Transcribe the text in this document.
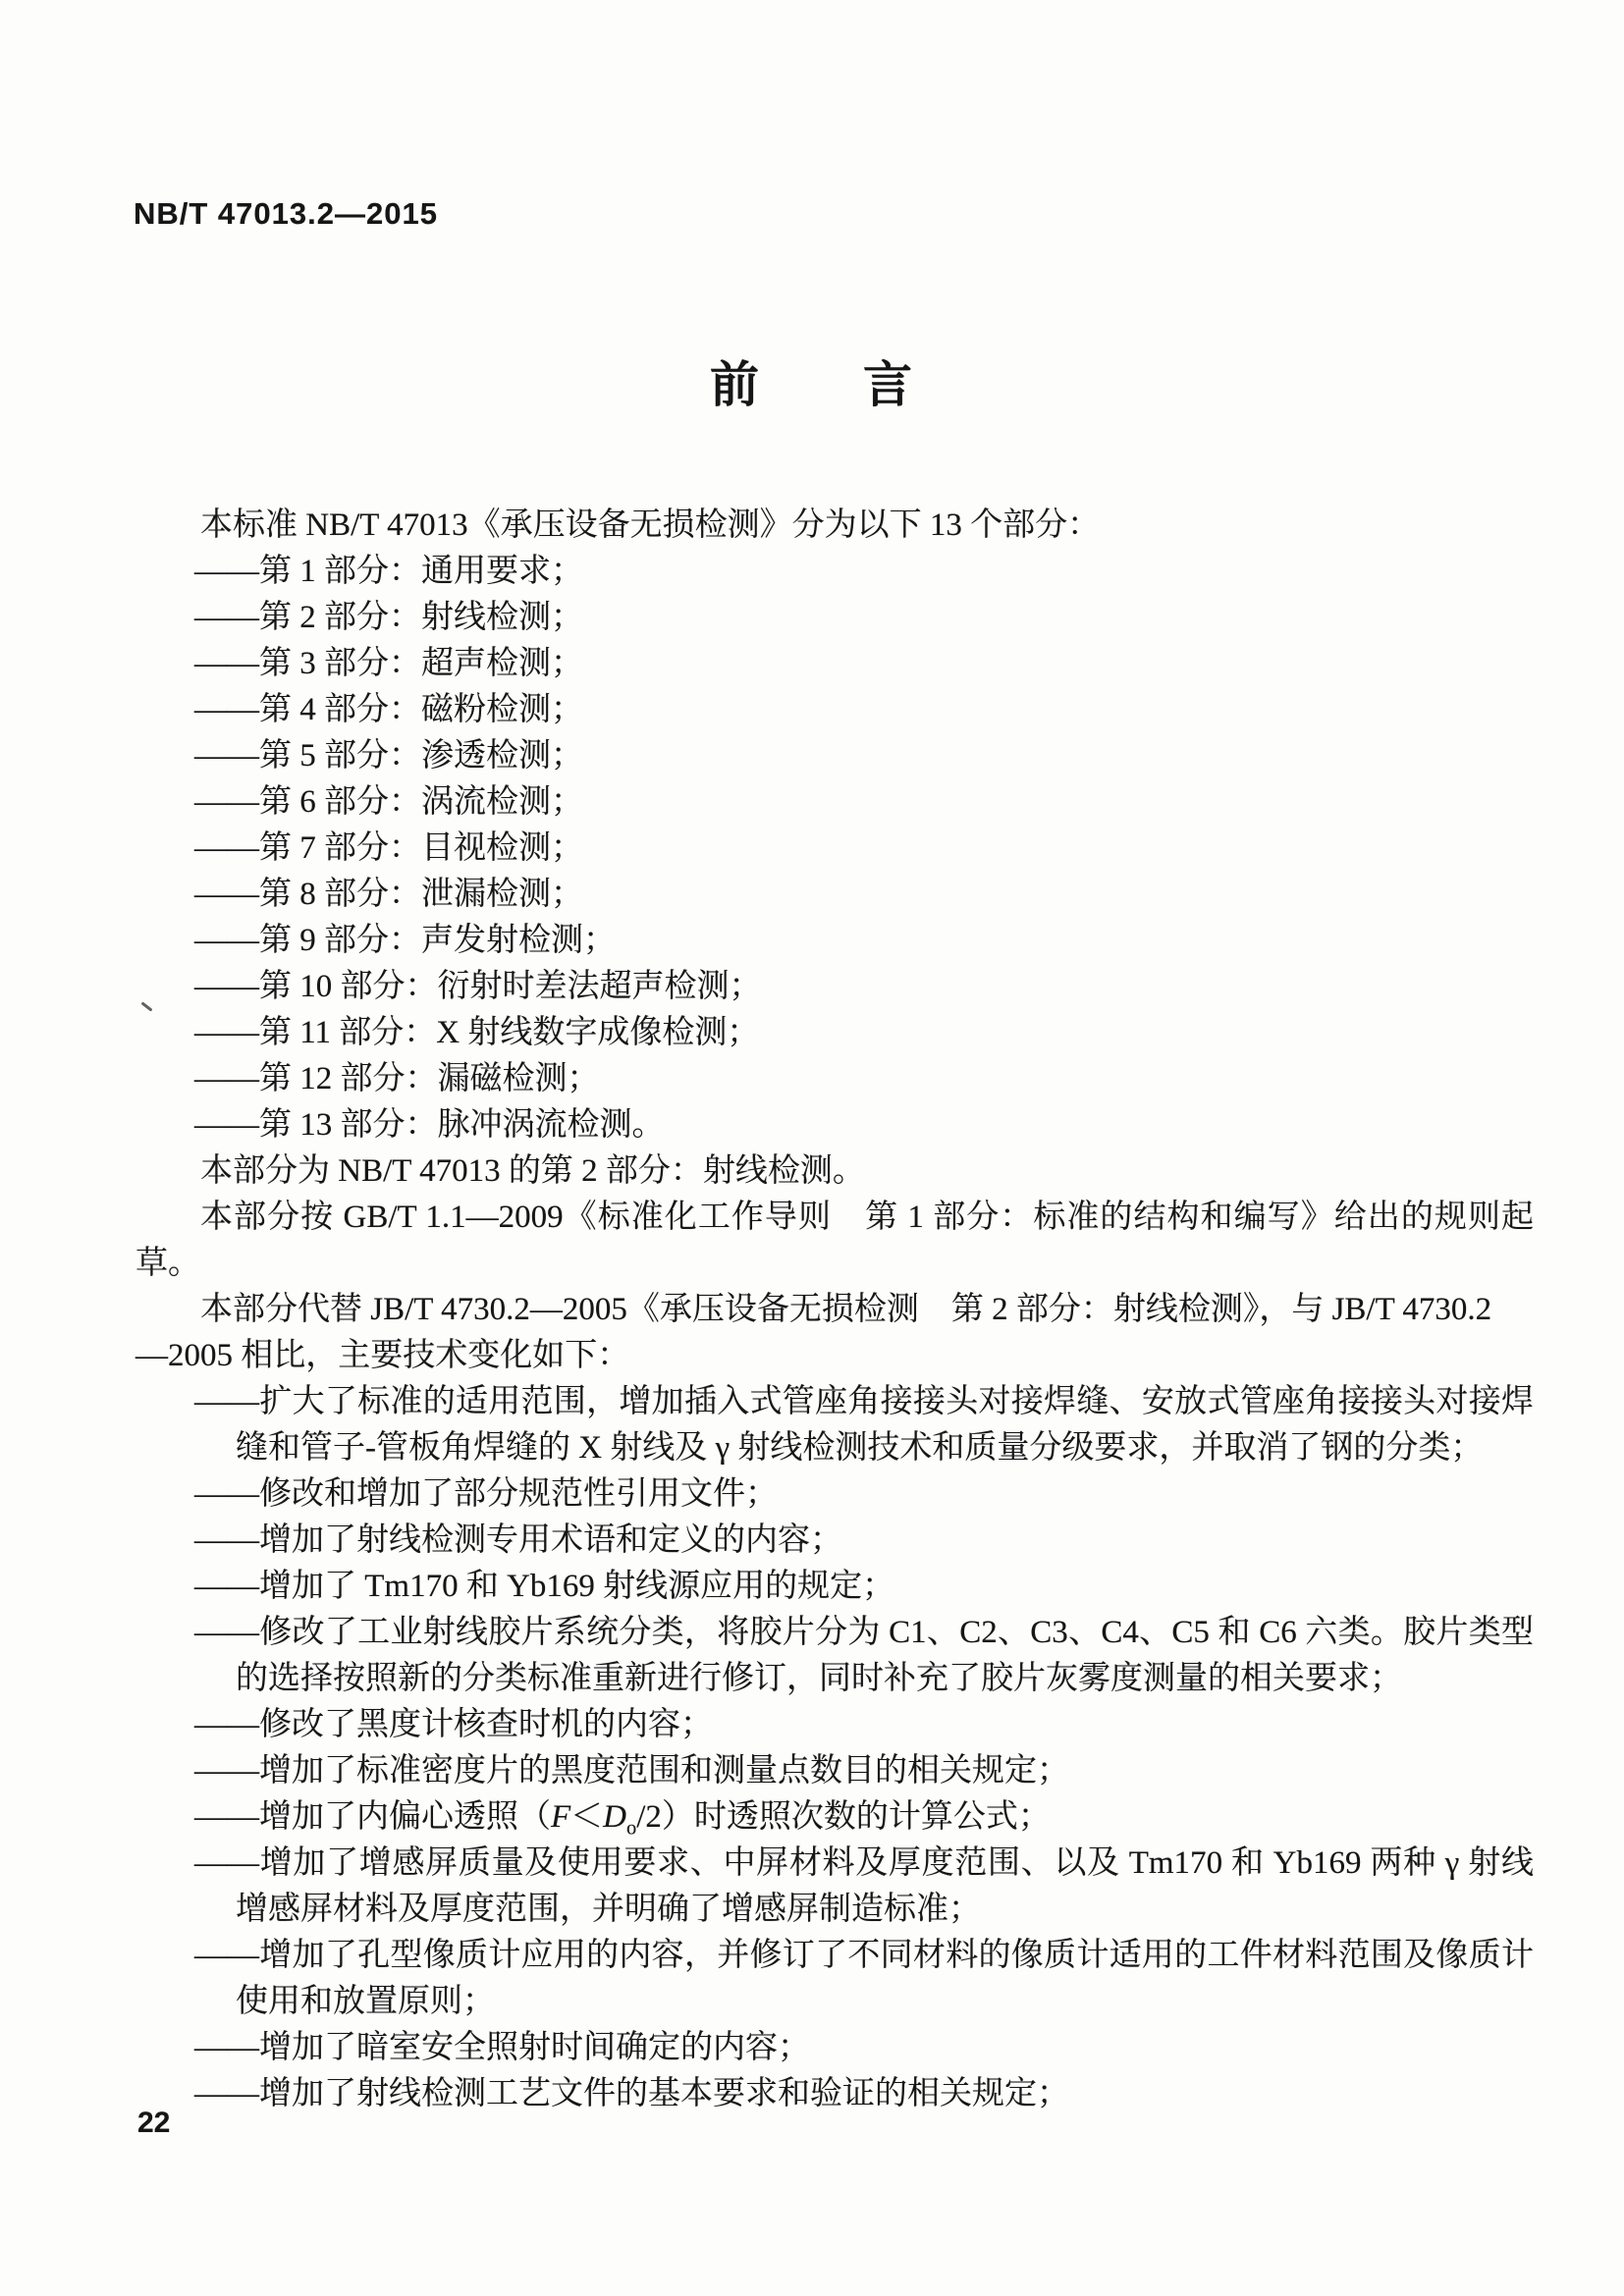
NB/T 47013.2—2015
前　　言

本标准 NB/T 47013《承压设备无损检测》分为以下 13 个部分：

——第 1 部分：通用要求；
——第 2 部分：射线检测；
——第 3 部分：超声检测；
——第 4 部分：磁粉检测；
——第 5 部分：渗透检测；
——第 6 部分：涡流检测；
——第 7 部分：目视检测；
——第 8 部分：泄漏检测；
——第 9 部分：声发射检测；
——第 10 部分：衍射时差法超声检测；
——第 11 部分：X 射线数字成像检测；
——第 12 部分：漏磁检测；
——第 13 部分：脉冲涡流检测。

本部分为 NB/T 47013 的第 2 部分：射线检测。

本部分按 GB/T 1.1—2009《标准化工作导则　第 1 部分：标准的结构和编写》给出的规则起草。

本部分代替 JB/T 4730.2—2005《承压设备无损检测　第 2 部分：射线检测》，与 JB/T 4730.2
—2005 相比，主要技术变化如下：

——扩大了标准的适用范围，增加插入式管座角接接头对接焊缝、安放式管座角接接头对接焊缝和管子-管板角焊缝的 X 射线及 γ 射线检测技术和质量分级要求，并取消了钢的分类；
——修改和增加了部分规范性引用文件；
——增加了射线检测专用术语和定义的内容；
——增加了 Tm170 和 Yb169 射线源应用的规定；
——修改了工业射线胶片系统分类，将胶片分为 C1、C2、C3、C4、C5 和 C6 六类。胶片类型的选择按照新的分类标准重新进行修订，同时补充了胶片灰雾度测量的相关要求；
——修改了黑度计核查时机的内容；
——增加了标准密度片的黑度范围和测量点数目的相关规定；
——增加了内偏心透照$(F<D_o/2)$时透照次数的计算公式；
——增加了增感屏质量及使用要求、中屏材料及厚度范围、以及 Tm170 和 Yb169 两种 γ 射线增感屏材料及厚度范围，并明确了增感屏制造标准；
——增加了孔型像质计应用的内容，并修订了不同材料的像质计适用的工件材料范围及像质计使用和放置原则；
——增加了暗室安全照射时间确定的内容；
——增加了射线检测工艺文件的基本要求和验证的相关规定；
22
